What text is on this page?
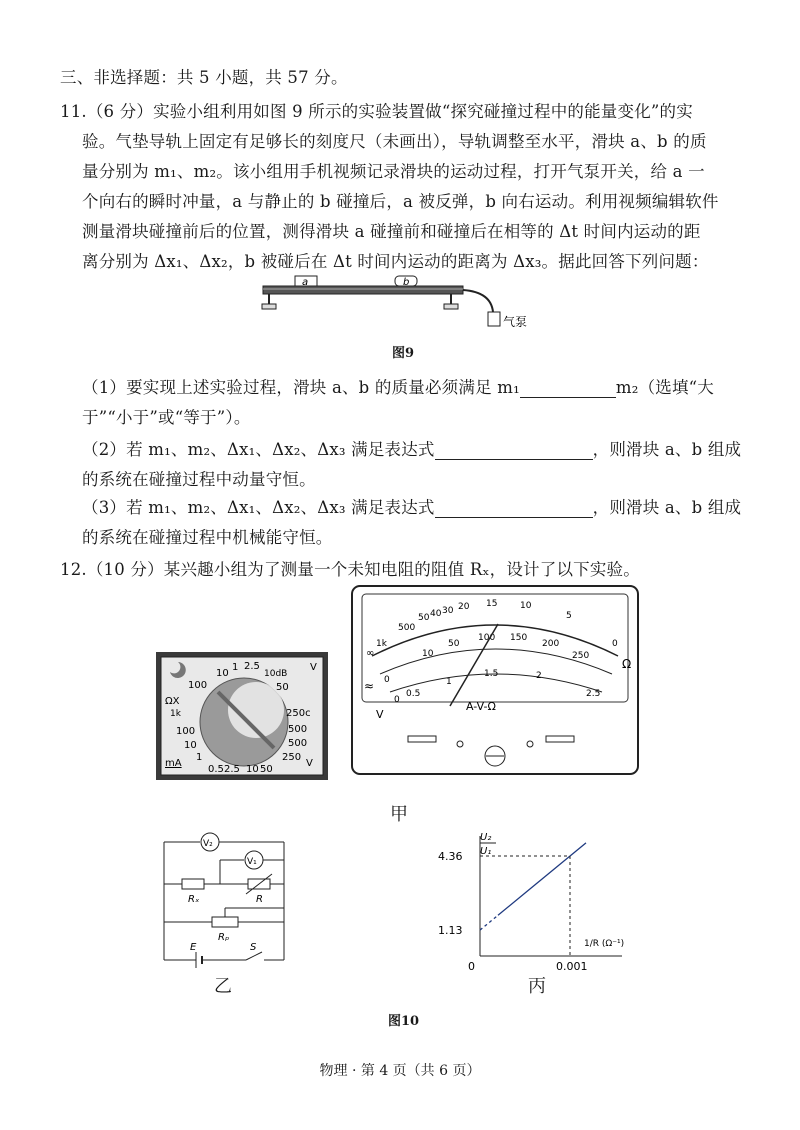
三、非选择题：共 5 小题，共 57 分。
11.（6 分）实验小组利用如图 9 所示的实验装置做“探究碰撞过程中的能量变化”的实
验。气垫导轨上固定有足够长的刻度尺（未画出），导轨调整至水平，滑块 a、b 的质
量分别为 m₁、m₂。该小组用手机视频记录滑块的运动过程，打开气泵开关，给 a 一
个向右的瞬时冲量，a 与静止的 b 碰撞后，a 被反弹，b 向右运动。利用视频编辑软件
测量滑块碰撞前后的位置，测得滑块 a 碰撞前和碰撞后在相等的 Δt 时间内运动的距
离分别为 Δx₁、Δx₂，b 被碰后在 Δt 时间内运动的距离为 Δx₃。据此回答下列问题：
a	b
气泵
图9
（1）要实现上述实验过程，滑块 a、b 的质量必须满足 m₁	m₂（选填“大
于”“小于”或“等于”）。
（2）若 m₁、m₂、Δx₁、Δx₂、Δx₃ 满足表达式	，则滑块 a、b 组成
的系统在碰撞过程中动量守恒。
（3）若 m₁、m₂、Δx₁、Δx₂、Δx₃ 满足表达式	，则滑块 a、b 组成
的系统在碰撞过程中机械能守恒。
12.（10 分）某兴趣小组为了测量一个未知电阻的阻值 Rₓ，设计了以下实验。
10
1 2.5
10dB
V
100	50
ΩX
1k	250c
100	500
10	500
1	250
0.5 2.5 10 50
mA	V
∞
1k
500
50 40 30 20 15	10
5
0
Ω
0
10
50
100 150
200
250
0
0.5
1
1.5	2
2.5
≈
V
A-V-Ω
甲
V₂
V₁
Rₓ	R
Rₚ
E	S
乙
U₂
U₁
1/R (Ω⁻¹)
4.36
1.13
0	0.001
丙
图10
物理 · 第 4 页（共 6 页）
